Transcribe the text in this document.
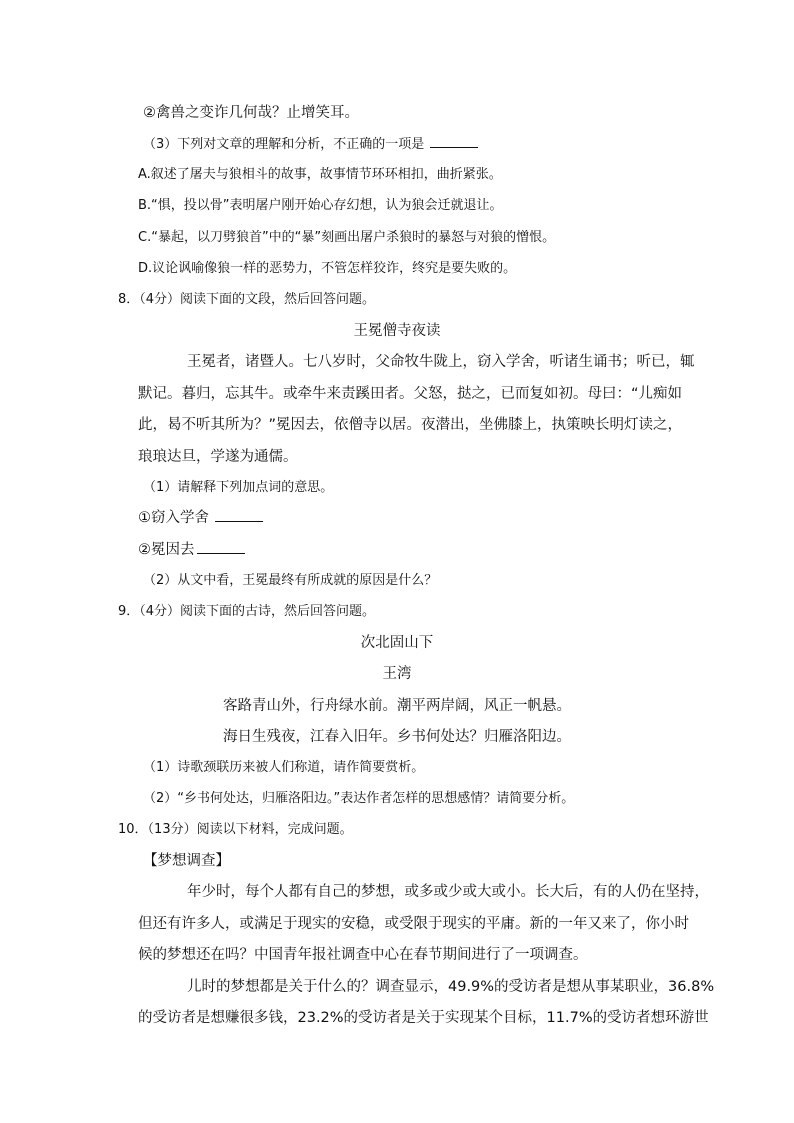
②禽兽之变诈几何哉？止增笑耳。
（3）下列对文章的理解和分析，不正确的一项是
A.叙述了屠夫与狼相斗的故事，故事情节环环相扣，曲折紧张。
B.“惧，投以骨”表明屠户刚开始心存幻想，认为狼会迁就退让。
C.“暴起，以刀劈狼首”中的“暴”刻画出屠户杀狼时的暴怒与对狼的憎恨。
D.议论讽喻像狼一样的恶势力，不管怎样狡诈，终究是要失败的。
8．（4分）阅读下面的文段，然后回答问题。
王冕僧寺夜读
王冕者，诸暨人。七八岁时，父命牧牛陇上，窃入学舍，听诸生诵书；听已，辄
默记。暮归，忘其牛。或牵牛来责蹊田者。父怒，挞之，已而复如初。母曰：“儿痴如
此，曷不听其所为？”冕因去，依僧寺以居。夜潜出，坐佛膝上，执策映长明灯读之，
琅琅达旦，学遂为通儒。
（1）请解释下列加点词的意思。
①窃入学舍
②冕因去
（2）从文中看，王冕最终有所成就的原因是什么？
9．（4分）阅读下面的古诗，然后回答问题。
次北固山下
王湾
客路青山外，行舟绿水前。潮平两岸阔，风正一帆悬。
海日生残夜，江春入旧年。乡书何处达？归雁洛阳边。
（1）诗歌颈联历来被人们称道，请作简要赏析。
（2）“乡书何处达，归雁洛阳边。”表达作者怎样的思想感情？请简要分析。
10．（13分）阅读以下材料，完成问题。
【梦想调查】
年少时，每个人都有自己的梦想，或多或少或大或小。长大后，有的人仍在坚持，
但还有许多人，或满足于现实的安稳，或受限于现实的平庸。新的一年又来了，你小时
候的梦想还在吗？中国青年报社调查中心在春节期间进行了一项调查。
儿时的梦想都是关于什么的？调查显示，49.9%的受访者是想从事某职业，36.8%
的受访者是想赚很多钱，23.2%的受访者是关于实现某个目标，11.7%的受访者想环游世
